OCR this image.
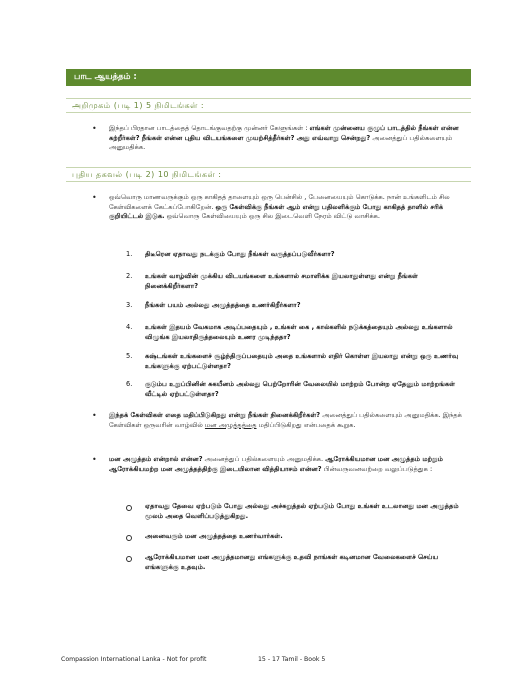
பாட ஆயத்தம் :
அறிமுகம் (படி 1) 5 நிமிடங்கள் :
• இந்தப் பிரதான பாடத்தைத் தொடங்குவதற்கு முன்னர் கேளுங்கள் : எங்கள் முன்னைய குழுப் பாடத்தில் நீங்கள் என்ன கற்றீர்கள்? நீங்கள் என்ன புதிய விடயங்களை முயற்சித்தீர்கள்? அது எவ்வாறு சென்றது? அனைத்துப் பதில்களையும் அனுமதிக்க.
புதிய தகவல் (படி 2) 10 நிமிடங்கள் :
• ஒவ்வொரு மாணவருக்கும் ஒரு காகிதத் தாளையும் ஒரு பென்சில் , பேனையையும் கொடுக்க. நான் உங்களிடம் சில கேள்விகளைக் கேட்கப்போகிறேன். ஒரு கேள்விக்கு நீங்கள் ஆம் என்று பதிலளிக்கும் போது காகிதத் தாளில் சரிக் குறியிட்டல் இடுக. ஒவ்வொரு கேள்வியையும் ஒரு சில இடைவெளி நேரம் விட்டு வாசிக்க.
1. திடீரென ஏதாவது நடக்கும் போது நீங்கள் வருத்தப்படுவீர்களா?
2. உங்கள் வாழ்வின் முக்கிய விடயங்களை உங்களால் சமாளிக்க இயலாதுள்ளது என்று நீங்கள் நினைக்கிறீர்களா?
3. நீங்கள் பயம் அல்லது அழுத்தத்தை உணர்கிறீர்களா?
4. உங்கள் இதயம் வேகமாக அடிப்பதையும் , உங்கள் கை , கால்களில் நடுக்கத்தையும் அல்லது உங்களால் விழுங்க இயலாதிருத்தலையும் உணர முடிந்ததா?
5. கஷ்டங்கள் உங்களைச் சூழ்ந்திருப்பதையும் அதை உங்களால் எதிர் கொள்ள இயலாது என்று ஒரு உணர்வு உங்களுக்கு ஏற்பட்டுள்ளதா?
6. குடும்ப உறுப்பினின் சுகயீனம் அல்லது பெற்றோரின் வேலையில் மாற்றம் போன்ற ஏதேனும் மாற்றங்கள் வீட்டில் ஏற்பட்டுள்ளதா?
• இந்தக் கேள்விகள் எதை மதிப்பிடுகிறது என்று நீங்கள் நினைக்கிறீர்கள்? அனைத்துப் பதில்களையும் அனுமதிக்க. இந்தக் கேள்விகள் ஒருவரின் வாழ்வில் மன அழுத்தத்தை மதிப்பிடுகிறது என்பதைக் கூறுக.
• மன அழுத்தம் என்றால் என்ன? அனைத்துப் பதில்களையும் அனுமதிக்க. ஆரோக்கியமான மன அழுத்தம் மற்றும் ஆரோக்கியமற்ற மன அழுத்தத்திற்கு இடையிலான வித்தியாசம் என்ன? பின்வருவனவற்றை வலுப்படுத்துக :
ஏதாவது தேவை ஏற்படும் போது அல்லது அச்சுறுத்தல் ஏற்படும் போது உங்கள் உடலானது மன அழுத்தம் மூலம் அதை வெளிப்படுத்துகிறது.
அனைவரும் மன அழுத்தத்தை உணர்வார்கள்.
ஆரோக்கியமான மன அழுத்தமானது எங்களுக்கு உதவி நாங்கள் கடினமான வேலைகளைச் செய்ய எங்களுக்கு உதவும்.
Compassion International Lanka - Not for profit	15 - 17 Tamil - Book 5
